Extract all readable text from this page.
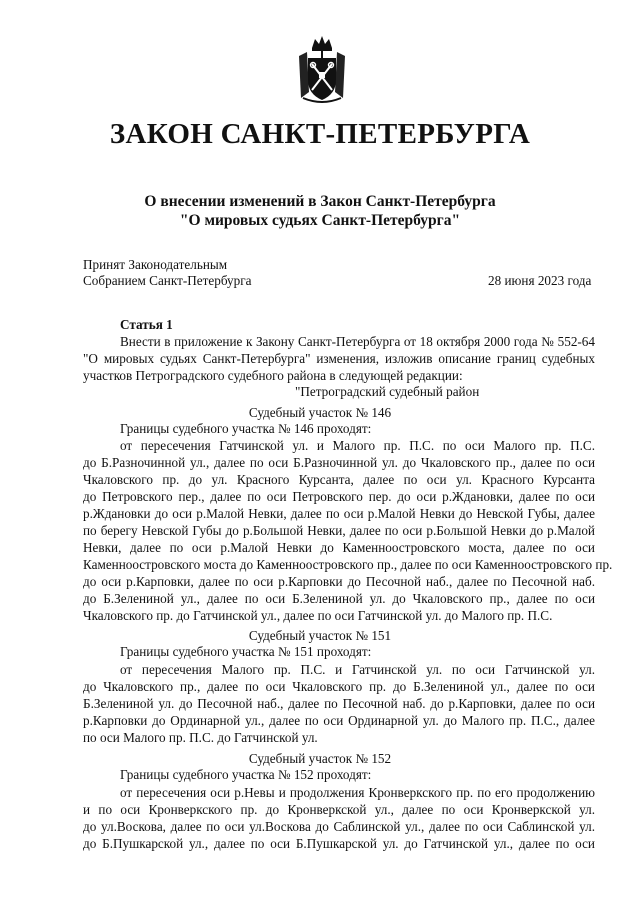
ЗАКОН САНКТ-ПЕТЕРБУРГА
О внесении изменений в Закон Санкт-Петербурга
"О мировых судьях Санкт-Петербурга"
Принят Законодательным
Собранием Санкт-Петербурга	28 июня 2023 года
Статья 1
Внести в приложение к Закону Санкт-Петербурга от 18 октября 2000 года № 552-64
"О мировых судьях Санкт-Петербурга" изменения, изложив описание границ судебных
участков Петроградского судебного района в следующей редакции:
"Петроградский судебный район
Судебный участок № 146
Границы судебного участка № 146 проходят:
от пересечения Гатчинской ул. и Малого пр. П.С. по оси Малого пр. П.С.
до Б.Разночинной ул., далее по оси Б.Разночинной ул. до Чкаловского пр., далее по оси
Чкаловского пр. до ул. Красного Курсанта, далее по оси ул. Красного Курсанта
до Петровского пер., далее по оси Петровского пер. до оси р.Ждановки, далее по оси
р.Ждановки до оси р.Малой Невки, далее по оси р.Малой Невки до Невской Губы, далее
по берегу Невской Губы до р.Большой Невки, далее по оси р.Большой Невки до р.Малой
Невки, далее по оси р.Малой Невки до Каменноостровского моста, далее по оси
Каменноостровского моста до Каменноостровского пр., далее по оси Каменноостровского пр.
до оси р.Карповки, далее по оси р.Карповки до Песочной наб., далее по Песочной наб.
до Б.Зелениной ул., далее по оси Б.Зелениной ул. до Чкаловского пр., далее по оси
Чкаловского пр. до Гатчинской ул., далее по оси Гатчинской ул. до Малого пр. П.С.
Судебный участок № 151
Границы судебного участка № 151 проходят:
от пересечения Малого пр. П.С. и Гатчинской ул. по оси Гатчинской ул.
до Чкаловского пр., далее по оси Чкаловского пр. до Б.Зелениной ул., далее по оси
Б.Зелениной ул. до Песочной наб., далее по Песочной наб. до р.Карповки, далее по оси
р.Карповки до Ординарной ул., далее по оси Ординарной ул. до Малого пр. П.С., далее
по оси Малого пр. П.С. до Гатчинской ул.
Судебный участок № 152
Границы судебного участка № 152 проходят:
от пересечения оси р.Невы и продолжения Кронверкского пр. по его продолжению
и по оси Кронверкского пр. до Кронверкской ул., далее по оси Кронверкской ул.
до ул.Воскова, далее по оси ул.Воскова до Саблинской ул., далее по оси Саблинской ул.
до Б.Пушкарской ул., далее по оси Б.Пушкарской ул. до Гатчинской ул., далее по оси
